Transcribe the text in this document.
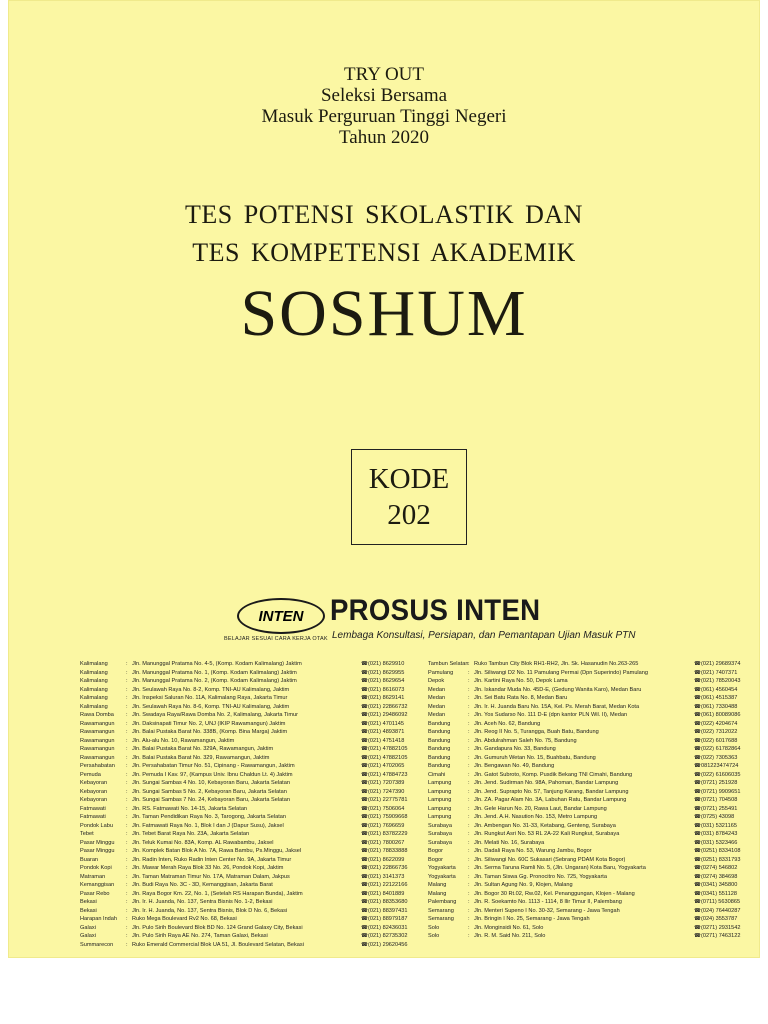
TRY OUT
Seleksi Bersama
Masuk Perguruan Tinggi Negeri
Tahun 2020
TES POTENSI SKOLASTIK DAN
TES KOMPETENSI AKADEMIK
SOSHUM
KODE
202
INTEN
BELAJAR SESUAI CARA KERJA OTAK
PROSUS INTEN
Lembaga Konsultasi, Persiapan, dan Pemantapan Ujian Masuk PTN
Kalimalang	: Jln. Manunggal Pratama No. 4-5, (Komp. Kodam Kalimalang) Jaktim	☎(021) 8629910
Kalimalang	: Jln. Manunggal Pratama No. 1, (Komp. Kodam Kalimalang) Jaktim	☎(021) 8629955
Kalimalang	: Jln. Manunggal Pratama No. 2, (Komp. Kodam Kalimalang) Jaktim	☎(021) 8629654
Kalimalang	: Jln. Seulawah Raya No. 8-2, Komp. TNI-AU Kalimalang, Jaktim	☎(021) 8616073
Kalimalang	: Jln. Inspeksi Saluran No. 11A, Kalimalang Raya, Jakarta Timur	☎(021) 8629141
Kalimalang	: Jln. Seulawah Raya No. 8-6, Komp. TNI-AU Kalimalang, Jaktim	☎(021) 22866732
Rawa Domba	: Jln. Swadaya Raya/Rawa Domba No. 2, Kalimalang, Jakarta Timur	☎(021) 29486092
Rawamangun	: Jln. Daksinapati Timur No. 2, UNJ (IKIP Rawamangun) Jaktim	☎(021) 4701145
Rawamangun	: Jln. Balai Pustaka Barat No. 338B, (Komp. Bina Marga) Jaktim	☎(021) 4893871
Rawamangun	: Jln. Alu-alu No. 10, Rawamangun, Jaktim	☎(021) 4751418
Rawamangun	: Jln. Balai Pustaka Barat No. 329A, Rawamangun, Jaktim	☎(021) 47882105
Rawamangun	: Jln. Balai Pustaka Barat No. 329, Rawamangun, Jaktim	☎(021) 47882105
Persahabatan	: Jln. Persahabatan Timur No. 51, Cipinang - Rawamangun, Jaktim	☎(021) 4702065
Pemuda	: Jln. Pemuda I Kav. 97, (Kampus Univ. Ibnu Chaldun Lt. 4) Jaktim	☎(021) 47884723
Kebayoran	: Jln. Sungai Sambas 4 No. 10, Kebayoran Baru, Jakarta Selatan	☎(021) 7207389
Kebayoran	: Jln. Sungai Sambas 5 No. 2, Kebayoran Baru, Jakarta Selatan	☎(021) 7247390
Kebayoran	: Jln. Sungai Sambas 7 No. 24, Kebayoran Baru, Jakarta Selatan	☎(021) 22775781
Fatmawati	: Jln. RS. Fatmawati No. 14-15, Jakarta Selatan	☎(021) 7506064
Fatmawati	: Jln. Taman Pendidikan Raya No. 3, Tarogong, Jakarta Selatan	☎(021) 75909668
Pondok Labu	: Jln. Fatmawati Raya No. 1, Blok I dan J (Dapur Susu), Jaksel	☎(021) 7696659
Tebet	: Jln. Tebet Barat Raya No. 23A, Jakarta Selatan	☎(021) 83782229
Pasar Minggu	: Jln. Teluk Kumai No. 83A, Komp. AL Rawabambu, Jaksel	☎(021) 7800267
Pasar Minggu	: Jln. Komplek Batan Blok A No. 7A, Rawa Bambu, Ps.Minggu, Jaksel	☎(021) 78833888
Buaran	: Jln. Radin Inten, Ruko Radin Inten Center No. 9A, Jakarta Timur	☎(021) 8622099
Pondok Kopi	: Jln. Mawar Merah Raya Blok 33 No. 26, Pondok Kopi, Jaktim	☎(021) 22866736
Matraman	: Jln. Taman Matraman Timur No. 17A, Matraman Dalam, Jakpus	☎(021) 3141373
Kemanggisan	: Jln. Budi Raya No. 3C - 3D, Kemanggisan, Jakarta Barat	☎(021) 22122166
Pasar Rebo	: Jln. Raya Bogor Km. 22, No. 1, (Setelah RS Harapan Bunda), Jaktim	☎(021) 8401889
Bekasi	: Jln. Ir. H. Juanda, No. 137, Sentra Bisnis No. 1-2, Bekasi	☎(021) 88353680
Bekasi	: Jln. Ir. H. Juanda, No. 137, Sentra Bisnis, Blok D No. 6, Bekasi	☎(021) 88397431
Harapan Indah	: Ruko Mega Boulevard Rv2 No. 68, Bekasi	☎(021) 88979187
Galaxi	: Jln. Pulo Sirih Boulevard Blok BD No. 124 Grand Galaxy City, Bekasi	☎(021) 82436031
Galaxi	: Jln. Pulo Sirih Raya AE No. 274, Taman Galaxi, Bekasi	☎(021) 82735302
Summarecon	: Ruko Emerald Commercial Blok UA 51, Jl. Boulevard Selatan, Bekasi	☎(021) 29620456
Tambun Selatan : Ruko Tambun City Blok RH1-RH2, Jln. Sk. Hasanudin No.263-265	☎(021) 29689374
Pamulang	: Jln. Siliwangi D2 No. 11 Pamulang Permai (Dpn Superindo) Pamulang	☎(021) 7407371
Depok	: Jln. Kartini Raya No. 50, Depok Lama	☎(021) 78520043
Medan	: Jln. Iskandar Muda No. 45D-E, (Gedung Wanita Karo), Medan Baru	☎(061) 4560454
Medan	: Jln. Sei Batu Rata No. 8, Medan Baru	☎(061) 4515387
Medan	: Jln. Ir. H. Juanda Baru No. 15A, Kel. Ps. Merah Barat, Medan Kota	☎(061) 7330488
Medan	: Jln. Yos Sudarso No. 111 D-E (dpn kantor PLN Wil. II), Medan	☎(061) 80089086
Bandung	: Jln. Aceh No. 62, Bandung	☎(022) 4204674
Bandung	: Jln. Reog II No. 5, Turangga, Buah Batu, Bandung	☎(022) 7312022
Bandung	: Jln. Abdulrahman Saleh No. 75, Bandung	☎(022) 6017688
Bandung	: Jln. Gandapura No. 33, Bandung	☎(022) 61782864
Bandung	: Jln. Gumuruh Wetan No. 15, Buahbatu, Bandung	☎(022) 7305363
Bandung	: Jln. Bengawan No. 49, Bandung	☎081223474724
Cimahi	: Jln. Gatot Subroto, Komp. Pusdik Bekang TNI Cimahi, Bandung	☎(022) 61606035
Lampung	: Jln. Jend. Sudirman No. 98A, Pahoman, Bandar Lampung	☎(0721) 251928
Lampung	: Jln. Jend. Suprapto No. 57, Tanjung Karang, Bandar Lampung	☎(0721) 9909651
Lampung	: Jln. ZA. Pagar Alam No. 3A, Labuhan Ratu, Bandar Lampung	☎(0721) 704508
Lampung	: Jln. Gele Harun No. 20, Rawa Laut, Bandar Lampung	☎(0721) 255491
Lampung	: Jln. Jend. A.H. Nasution No. 153, Metro Lampung	☎(0725) 43098
Surabaya	: Jln. Ambengan No. 31-33, Ketabang, Genteng, Surabaya	☎(031) 5321165
Surabaya	: Jln. Rungkut Asri No. 53 RL 2A-22 Kali Rungkut, Surabaya	☎(031) 8784243
Surabaya	: Jln. Melati No. 16, Surabaya	☎(031) 5323466
Bogor	: Jln. Dadali Raya No. 53, Warung Jambu, Bogor	☎(0251) 8334108
Bogor	: Jln. Siliwangi No. 60C Sukasari (Sebrang PDAM Kota Bogor)	☎(0251) 8331793
Yogyakarta	: Jln. Serma Taruna Ramli No. 5, (Jln. Ungaran) Kota Baru, Yogyakarta	☎(0274) 546802
Yogyakarta	: Jln. Taman Siswa Gg. Pronocitro No. 725, Yogyakarta	☎(0274) 384698
Malang	: Jln. Sultan Agung No. 9, Klojen, Malang	☎(0341) 345800
Malang	: Jln. Bogor 30 Rt.02, Rw.02, Kel. Penanggungan, Klojen - Malang	☎(0341) 551128
Palembang	: Jln. R. Soekamto No. 1113 - 1114, 8 Ilir Timur II, Palembang	☎(0711) 5630865
Semarang	: Jln. Menteri Supeno I No. 30-32, Semarang - Jawa Tengah	☎(024) 76440287
Semarang	: Jln. Bringin I No. 25, Semarang - Jawa Tengah	☎(024) 3553787
Solo	: Jln. Monginsidi No. 61, Solo	☎(0271) 2931542
Solo	: Jln. R. M. Said No. 211, Solo	☎(0271) 7463122
